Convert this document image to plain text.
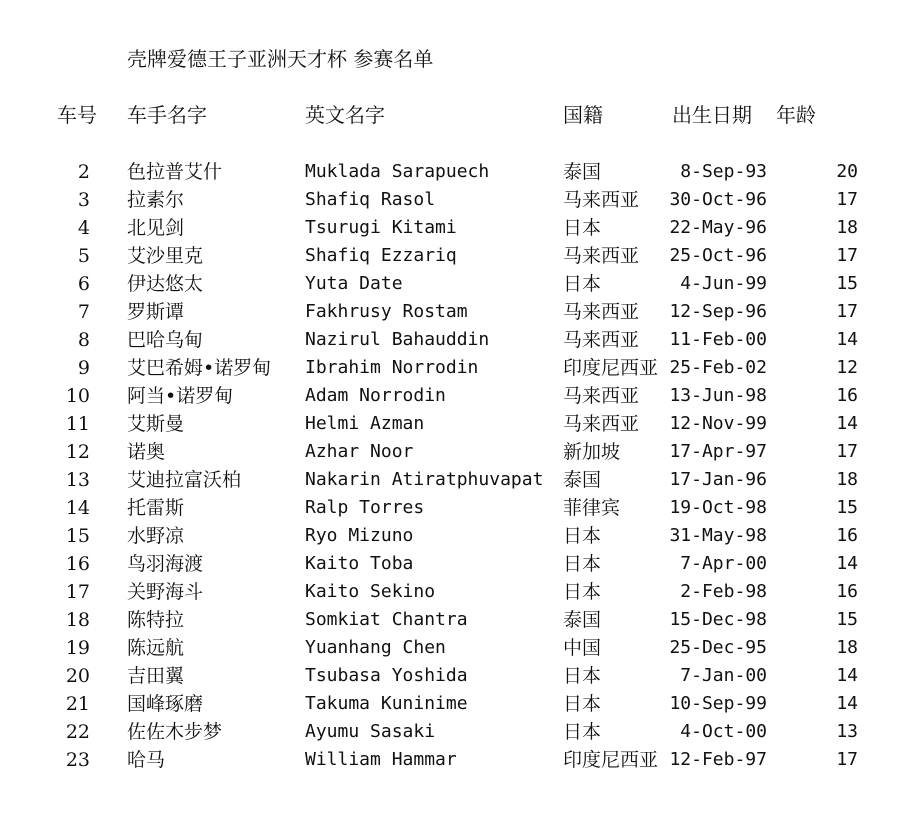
壳牌爱德王子亚洲天才杯 参赛名单
车号 车手名字	英文名字	国籍	出生日期 年龄
2 色拉普艾什	Muklada Sarapuech	泰国	8-Sep-93	20
3 拉素尔	Shafiq Rasol	马来西亚	30-Oct-96	17
4 北见剑	Tsurugi Kitami	日本	22-May-96	18
5 艾沙里克	Shafiq Ezzariq	马来西亚	25-Oct-96	17
6 伊达悠太	Yuta Date	日本	4-Jun-99	15
7 罗斯谭	Fakhrusy Rostam	马来西亚	12-Sep-96	17
8 巴哈乌甸	Nazirul Bahauddin	马来西亚	11-Feb-00	14
9 艾巴希姆•诺罗甸 Ibrahim Norrodin	印度尼西亚 25-Feb-02	12
10 阿当•诺罗甸	Adam Norrodin	马来西亚	13-Jun-98	16
11 艾斯曼	Helmi Azman	马来西亚	12-Nov-99	14
12 诺奥	Azhar Noor	新加坡	17-Apr-97	17
13 艾迪拉富沃柏	Nakarin Atiratphuvapat 泰国	17-Jan-96	18
14 托雷斯	Ralp Torres	菲律宾	19-Oct-98	15
15 水野凉	Ryo Mizuno	日本	31-May-98	16
16 鸟羽海渡	Kaito Toba	日本	7-Apr-00	14
17 关野海斗	Kaito Sekino	日本	2-Feb-98	16
18 陈特拉	Somkiat Chantra	泰国	15-Dec-98	15
19 陈远航	Yuanhang Chen	中国	25-Dec-95	18
20 吉田翼	Tsubasa Yoshida	日本	7-Jan-00	14
21 国峰琢磨	Takuma Kuninime	日本	10-Sep-99	14
22 佐佐木步梦	Ayumu Sasaki	日本	4-Oct-00	13
23 哈马	William Hammar	印度尼西亚 12-Feb-97	17
